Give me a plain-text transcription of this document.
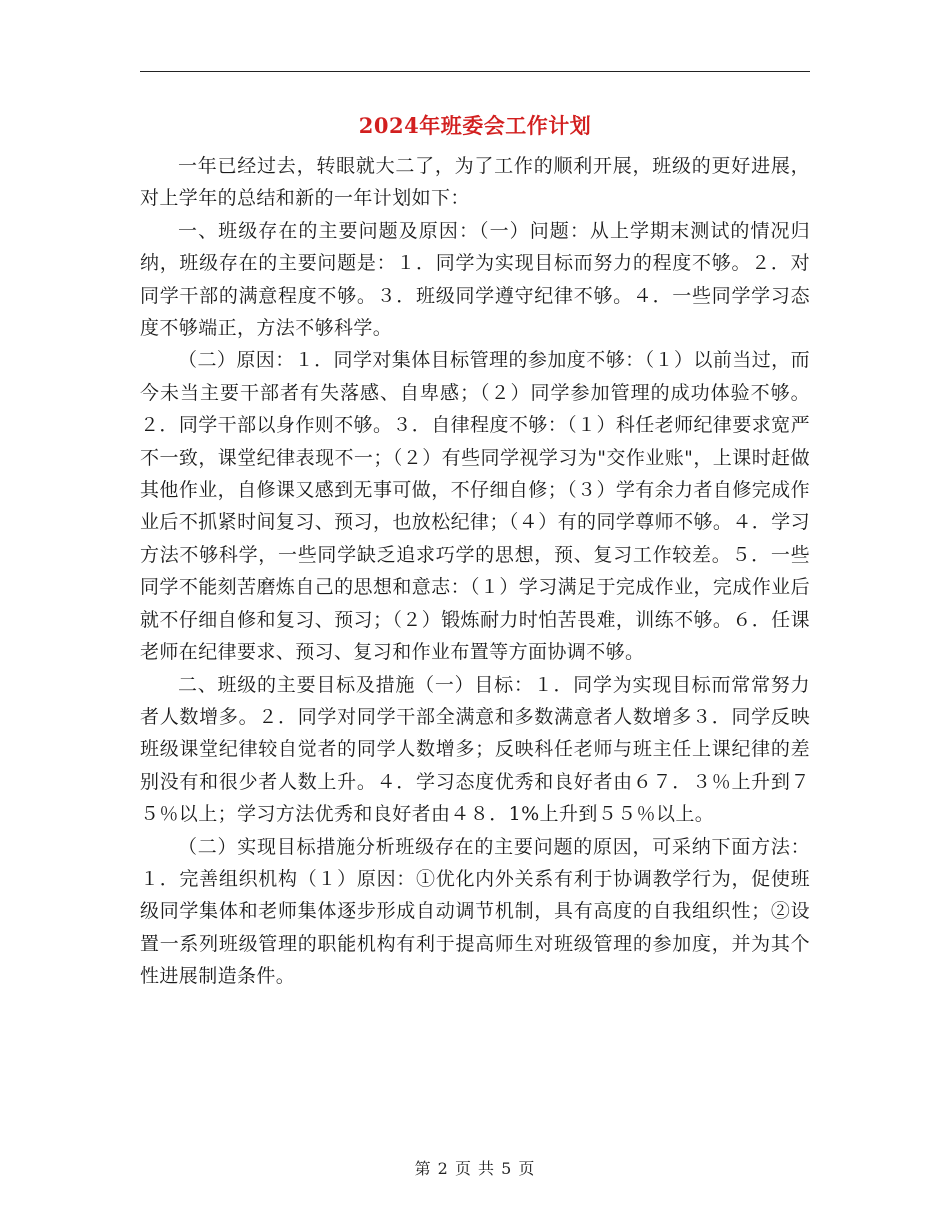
2024年班委会工作计划

一年已经过去，转眼就大二了，为了工作的顺利开展，班级的更好进展，对上学年的总结和新的一年计划如下：

一、班级存在的主要问题及原因：（一）问题：从上学期末测试的情况归纳，班级存在的主要问题是：１．同学为实现目标而努力的程度不够。２．对同学干部的满意程度不够。３．班级同学遵守纪律不够。４．一些同学学习态度不够端正，方法不够科学。

（二）原因：１．同学对集体目标管理的参加度不够：（１）以前当过，而今未当主要干部者有失落感、自卑感；（２）同学参加管理的成功体验不够。２．同学干部以身作则不够。３．自律程度不够：（１）科任老师纪律要求宽严不一致，课堂纪律表现不一；（２）有些同学视学习为"交作业账"，上课时赶做其他作业，自修课又感到无事可做，不仔细自修；（３）学有余力者自修完成作业后不抓紧时间复习、预习，也放松纪律；（４）有的同学尊师不够。４．学习方法不够科学，一些同学缺乏追求巧学的思想，预、复习工作较差。５．一些同学不能刻苦磨炼自己的思想和意志：（１）学习满足于完成作业，完成作业后就不仔细自修和复习、预习；（２）锻炼耐力时怕苦畏难，训练不够。６．任课老师在纪律要求、预习、复习和作业布置等方面协调不够。

二、班级的主要目标及措施（一）目标：１．同学为实现目标而常常努力者人数增多。２．同学对同学干部全满意和多数满意者人数增多３．同学反映班级课堂纪律较自觉者的同学人数增多；反映科任老师与班主任上课纪律的差别没有和很少者人数上升。４．学习态度优秀和良好者由６７．３％上升到７５％以上；学习方法优秀和良好者由４８．1%上升到５５％以上。

（二）实现目标措施分析班级存在的主要问题的原因，可采纳下面方法：１．完善组织机构（１）原因：①优化内外关系有利于协调教学行为，促使班级同学集体和老师集体逐步形成自动调节机制，具有高度的自我组织性；②设置一系列班级管理的职能机构有利于提高师生对班级管理的参加度，并为其个性进展制造条件。

第 2 页 共 5 页
